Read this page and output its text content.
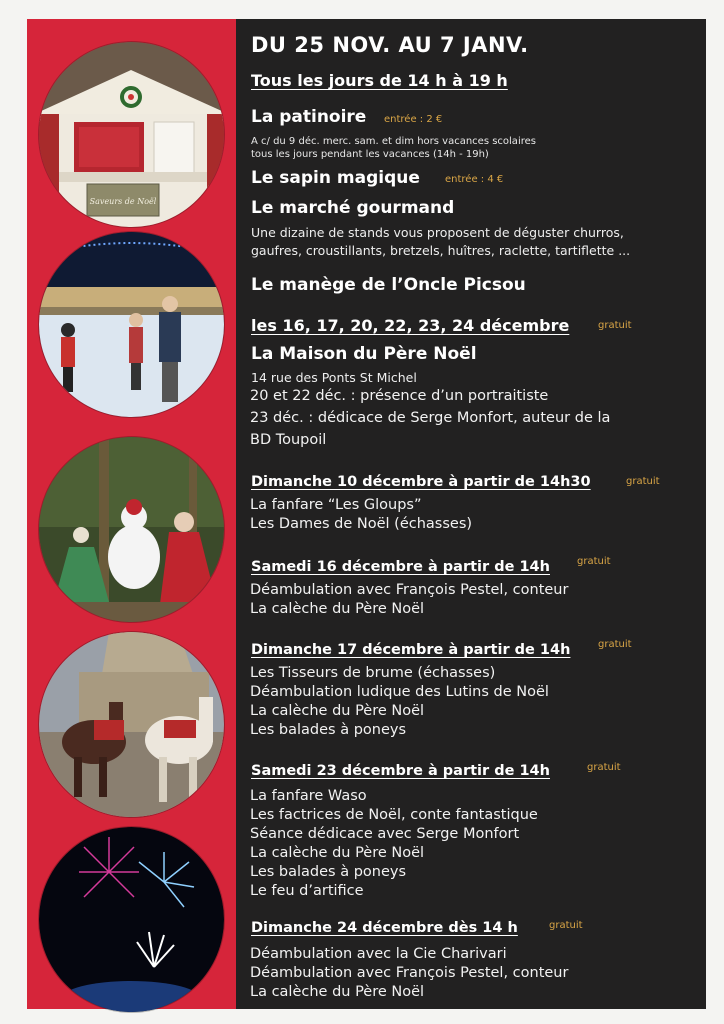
Saveurs de Noël
DU 25 NOV. AU 7 JANV.
Tous les jours de 14 h à 19 h
La patinoire entrée : 2 €
A c/ du 9 déc. merc. sam. et dim hors vacances scolaires
tous les jours pendant les vacances (14h - 19h)
Le sapin magique	entrée : 4 €
Le marché gourmand
Une dizaine de stands vous proposent de déguster churros,
gaufres, croustillants, bretzels, huîtres, raclette, tartiflette ...
Le manège de l’Oncle Picsou
les 16, 17, 20, 22, 23, 24 décembre	gratuit
La Maison du Père Noël
14 rue des Ponts St Michel
20 et 22 déc. : présence d’un portraitiste
23 déc. : dédicace de Serge Monfort, auteur de la
BD Toupoil
Dimanche 10 décembre à partir de 14h30	gratuit
La fanfare “Les Gloups”
Les Dames de Noël (échasses)
Samedi 16 décembre à partir de 14h	gratuit
Déambulation avec François Pestel, conteur
La calèche du Père Noël
Dimanche 17 décembre à partir de 14h	gratuit
Les Tisseurs de brume (échasses)
Déambulation ludique des Lutins de Noël
La calèche du Père Noël
Les balades à poneys
Samedi 23 décembre à partir de 14h	gratuit
La fanfare Waso
Les factrices de Noël, conte fantastique
Séance dédicace avec Serge Monfort
La calèche du Père Noël
Les balades à poneys
Le feu d’artifice
Dimanche 24 décembre dès 14 h	gratuit
Déambulation avec la Cie Charivari
Déambulation avec François Pestel, conteur
La calèche du Père Noël
